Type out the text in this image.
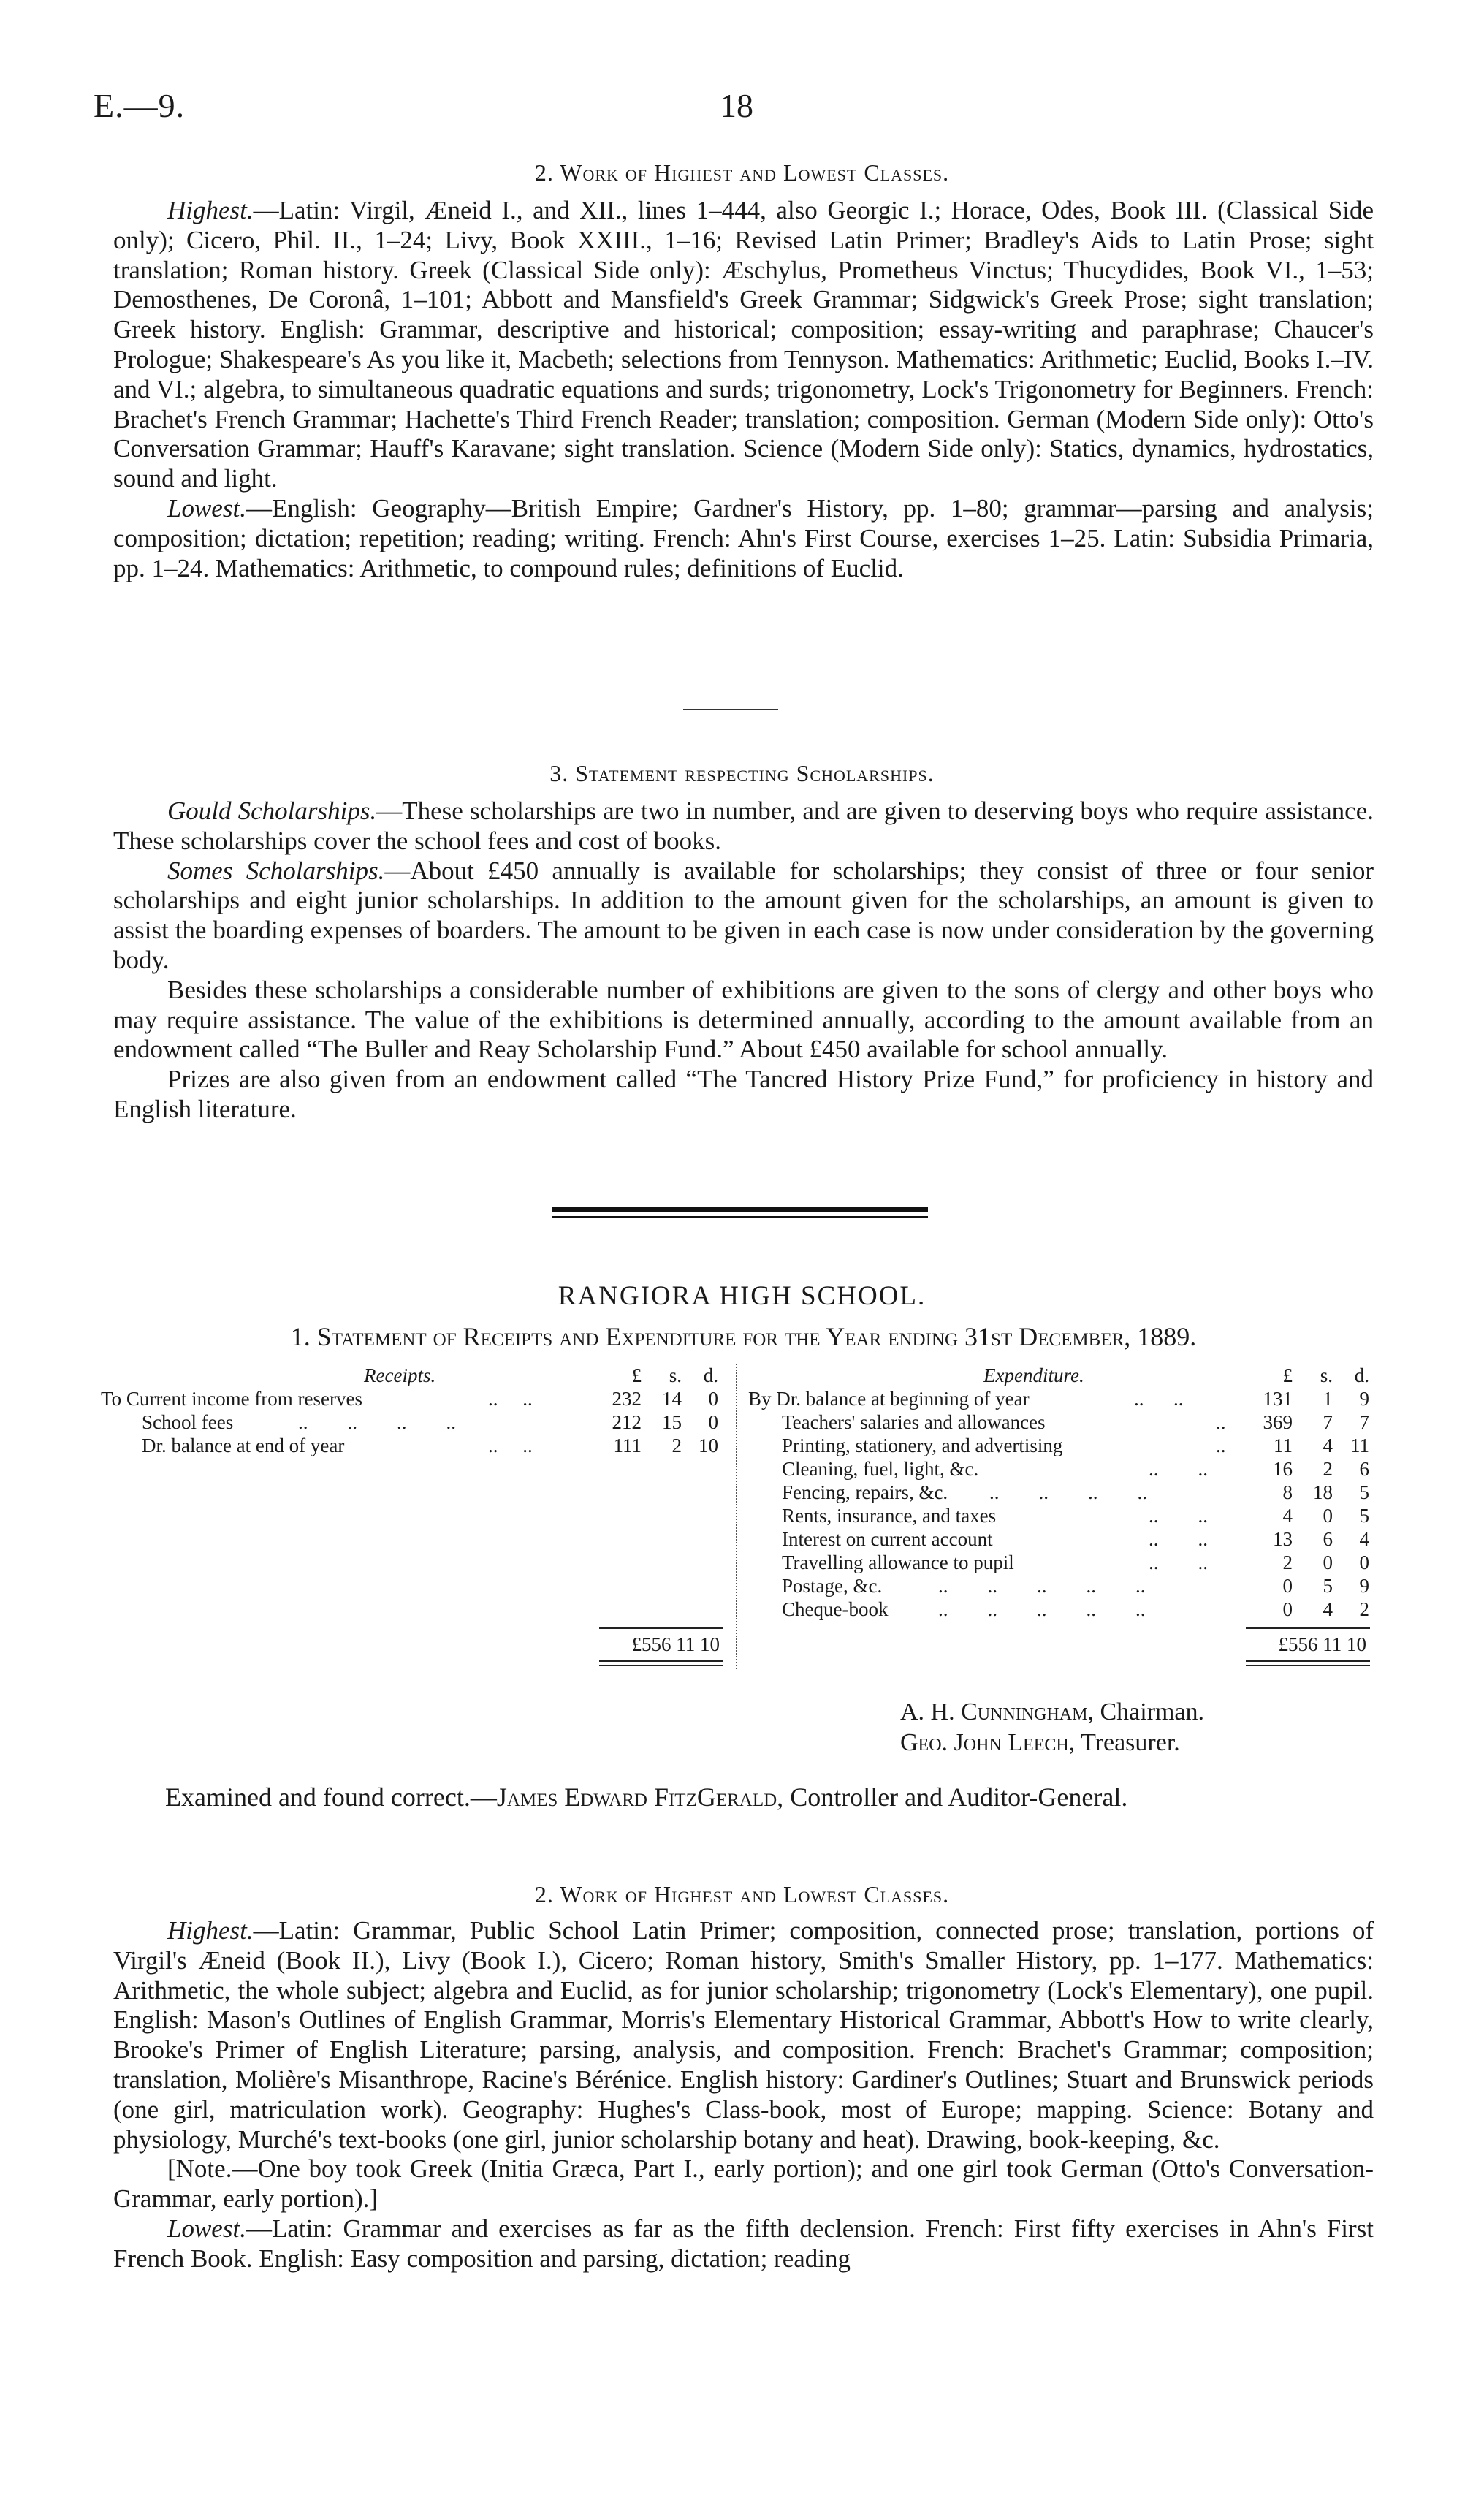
E.—9.	18
2. Work of Highest and Lowest Classes.

Highest.—Latin: Virgil, Æneid I., and XII., lines 1–444, also Georgic I.; Horace, Odes, Book III. (Classical Side only); Cicero, Phil. II., 1–24; Livy, Book XXIII., 1–16; Revised Latin Primer; Bradley's Aids to Latin Prose; sight translation; Roman history. Greek (Classical Side only): Æschylus, Prometheus Vinctus; Thucydides, Book VI., 1–53; Demosthenes, De Coronâ, 1–101; Abbott and Mansfield's Greek Grammar; Sidgwick's Greek Prose; sight translation; Greek history. English: Grammar, descriptive and historical; composition; essay-writing and paraphrase; Chaucer's Prologue; Shakespeare's As you like it, Macbeth; selections from Tennyson. Mathematics: Arithmetic; Euclid, Books I.–IV. and VI.; algebra, to simultaneous quadratic equations and surds; trigonometry, Lock's Trigonometry for Beginners. French: Brachet's French Grammar; Hachette's Third French Reader; translation; composition. German (Modern Side only): Otto's Conversation Grammar; Hauff's Karavane; sight translation. Science (Modern Side only): Statics, dynamics, hydrostatics, sound and light.

Lowest.—English: Geography—British Empire; Gardner's History, pp. 1–80; grammar—parsing and analysis; composition; dictation; repetition; reading; writing. French: Ahn's First Course, exercises 1–25. Latin: Subsidia Primaria, pp. 1–24. Mathematics: Arithmetic, to compound rules; definitions of Euclid.

3. Statement respecting Scholarships.

Gould Scholarships.—These scholarships are two in number, and are given to deserving boys who require assistance. These scholarships cover the school fees and cost of books.

Somes Scholarships.—About £450 annually is available for scholarships; they consist of three or four senior scholarships and eight junior scholarships. In addition to the amount given for the scholarships, an amount is given to assist the boarding expenses of boarders. The amount to be given in each case is now under consideration by the governing body.

Besides these scholarships a considerable number of exhibitions are given to the sons of clergy and other boys who may require assistance. The value of the exhibitions is determined annually, according to the amount available from an endowment called “The Buller and Reay Scholarship Fund.” About £450 available for school annually.

Prizes are also given from an endowment called “The Tancred History Prize Fund,” for proficiency in history and English literature.

RANGIORA HIGH SCHOOL.
1. Statement of Receipts and Expenditure for the Year ending 31st December, 1889.
Receipts.	£	s.	d.
To Current income from reserves	..     ..	232	14	0
School fees	..        ..        ..        ..	212	15	0
Dr. balance at end of year	..     ..	111	2 10
£556 11 10
Expenditure.	£	s.	d.
By Dr. balance at beginning of year	..      ..	131	1	9
Teachers' salaries and allowances	..	369	7	7
Printing, stationery, and advertising	..	11	4 11
Cleaning, fuel, light, &c.	..        ..	16	2	6
Fencing, repairs, &c. ..        ..        ..        ..	8	18	5
Rents, insurance, and taxes	..        ..	4	0	5
Interest on current account	..        ..	13	6	4
Travelling allowance to pupil	..        ..	2	0	0
Postage, &c.	..        ..        ..        ..        ..	0	5	9
Cheque-book	..        ..        ..        ..        ..	0	4	2
£556 11 10
A. H. Cunningham, Chairman.
Geo. John Leech, Treasurer.
Examined and found correct.—James Edward FitzGerald, Controller and Auditor-General.
2. Work of Highest and Lowest Classes.

Highest.—Latin: Grammar, Public School Latin Primer; composition, connected prose; translation, portions of Virgil's Æneid (Book II.), Livy (Book I.), Cicero; Roman history, Smith's Smaller History, pp. 1–177. Mathematics: Arithmetic, the whole subject; algebra and Euclid, as for junior scholarship; trigonometry (Lock's Elementary), one pupil. English: Mason's Outlines of English Grammar, Morris's Elementary Historical Grammar, Abbott's How to write clearly, Brooke's Primer of English Literature; parsing, analysis, and composition. French: Brachet's Grammar; composition; translation, Molière's Misanthrope, Racine's Bérénice. English history: Gardiner's Outlines; Stuart and Brunswick periods (one girl, matriculation work). Geography: Hughes's Class-book, most of Europe; mapping. Science: Botany and physiology, Murché's text-books (one girl, junior scholarship botany and heat). Drawing, book-keeping, &c.

[Note.—One boy took Greek (Initia Græca, Part I., early portion); and one girl took German (Otto's Conversation-Grammar, early portion).]

Lowest.—Latin: Grammar and exercises as far as the fifth declension. French: First fifty exercises in Ahn's First French Book. English: Easy composition and parsing, dictation; reading
